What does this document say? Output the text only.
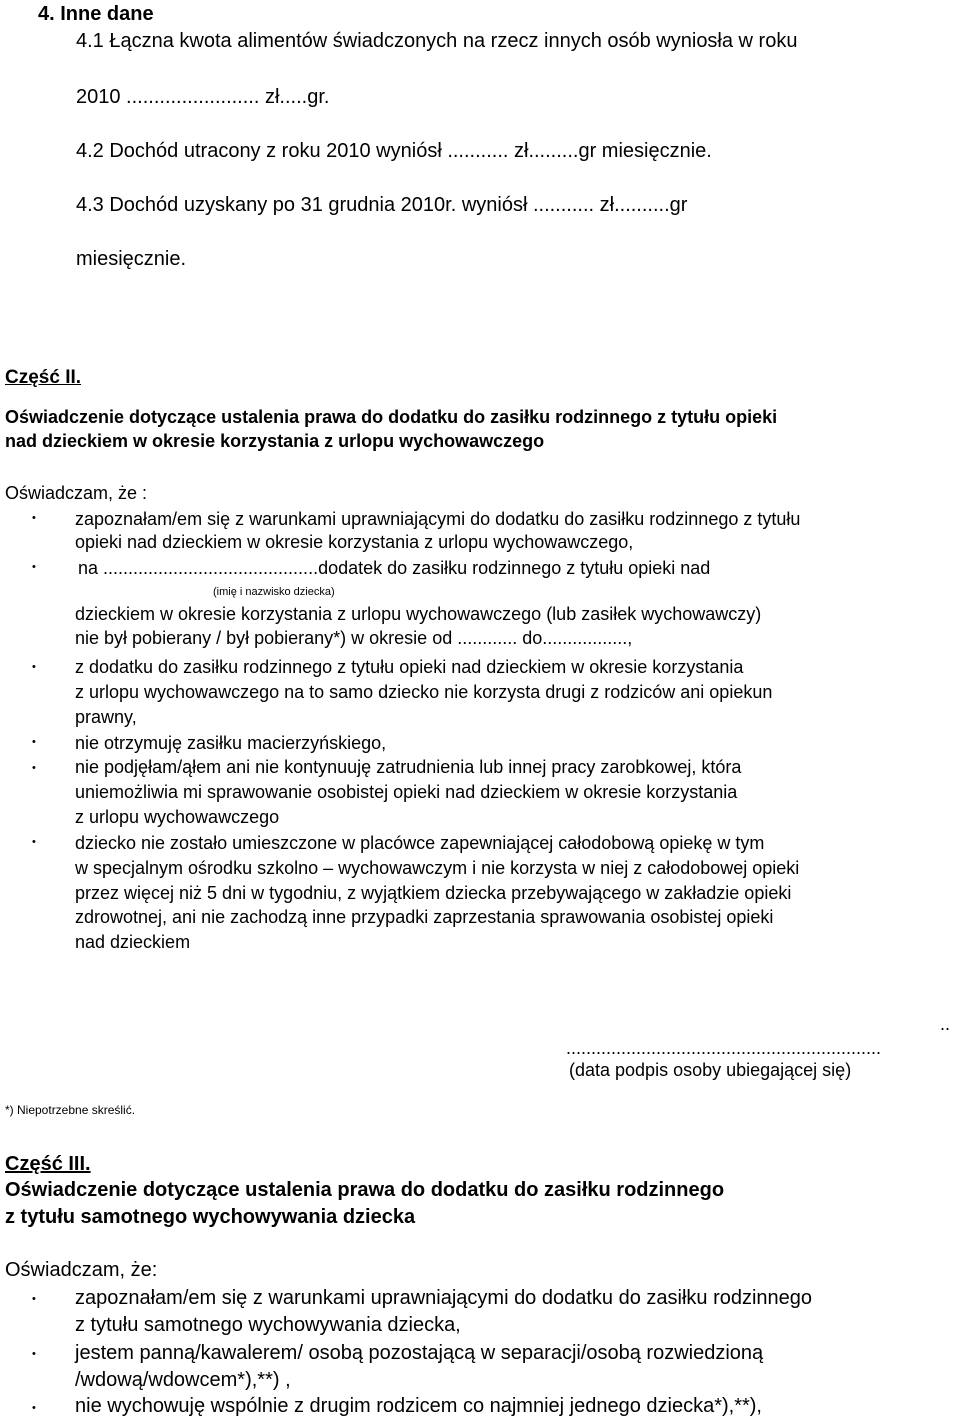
4. Inne dane
4.1 Łączna kwota alimentów świadczonych na rzecz innych osób wyniosła w roku
2010 ........................ zł.....gr.
4.2 Dochód utracony z roku 2010 wyniósł ........... zł.........gr miesięcznie.
4.3 Dochód uzyskany po 31 grudnia 2010r. wyniósł ........... zł..........gr
miesięcznie.
Część II.
Oświadczenie dotyczące ustalenia prawa do dodatku do zasiłku rodzinnego z tytułu opieki
nad dzieckiem w okresie korzystania z urlopu wychowawczego
Oświadczam, że :
• zapoznałam/em się z warunkami uprawniającymi do dodatku do zasiłku rodzinnego z tytułu
opieki nad dzieckiem w okresie korzystania z urlopu wychowawczego,
• na ...........................................dodatek do zasiłku rodzinnego z tytułu opieki nad
(imię i nazwisko dziecka)
dzieckiem w okresie korzystania z urlopu wychowawczego (lub zasiłek wychowawczy)
nie był pobierany / był pobierany*) w okresie od ............ do.................,
• z dodatku do zasiłku rodzinnego z tytułu opieki nad dzieckiem w okresie korzystania
z urlopu wychowawczego na to samo dziecko nie korzysta drugi z rodziców ani opiekun
prawny,
• nie otrzymuję zasiłku macierzyńskiego,
• nie podjęłam/ąłem ani nie kontynuuję zatrudnienia lub innej pracy zarobkowej, która
uniemożliwia mi sprawowanie osobistej opieki nad dzieckiem w okresie korzystania
z urlopu wychowawczego
• dziecko nie zostało umieszczone w placówce zapewniającej całodobową opiekę w tym
w specjalnym ośrodku szkolno – wychowawczym i nie korzysta w niej z całodobowej opieki
przez więcej niż 5 dni w tygodniu, z wyjątkiem dziecka przebywającego w zakładzie opieki
zdrowotnej, ani nie zachodzą inne przypadki zaprzestania sprawowania osobistej opieki
nad dzieckiem
..
...............................................................
(data podpis osoby ubiegającej się)
*) Niepotrzebne skreślić.
Część III.
Oświadczenie dotyczące ustalenia prawa do dodatku do zasiłku rodzinnego
z tytułu samotnego wychowywania dziecka
Oświadczam, że:
• zapoznałam/em się z warunkami uprawniającymi do dodatku do zasiłku rodzinnego
z tytułu samotnego wychowywania dziecka,
• jestem panną/kawalerem/ osobą pozostającą w separacji/osobą rozwiedzioną
/wdową/wdowcem*),**) ,
• nie wychowuję wspólnie z drugim rodzicem co najmniej jednego dziecka*),**),
